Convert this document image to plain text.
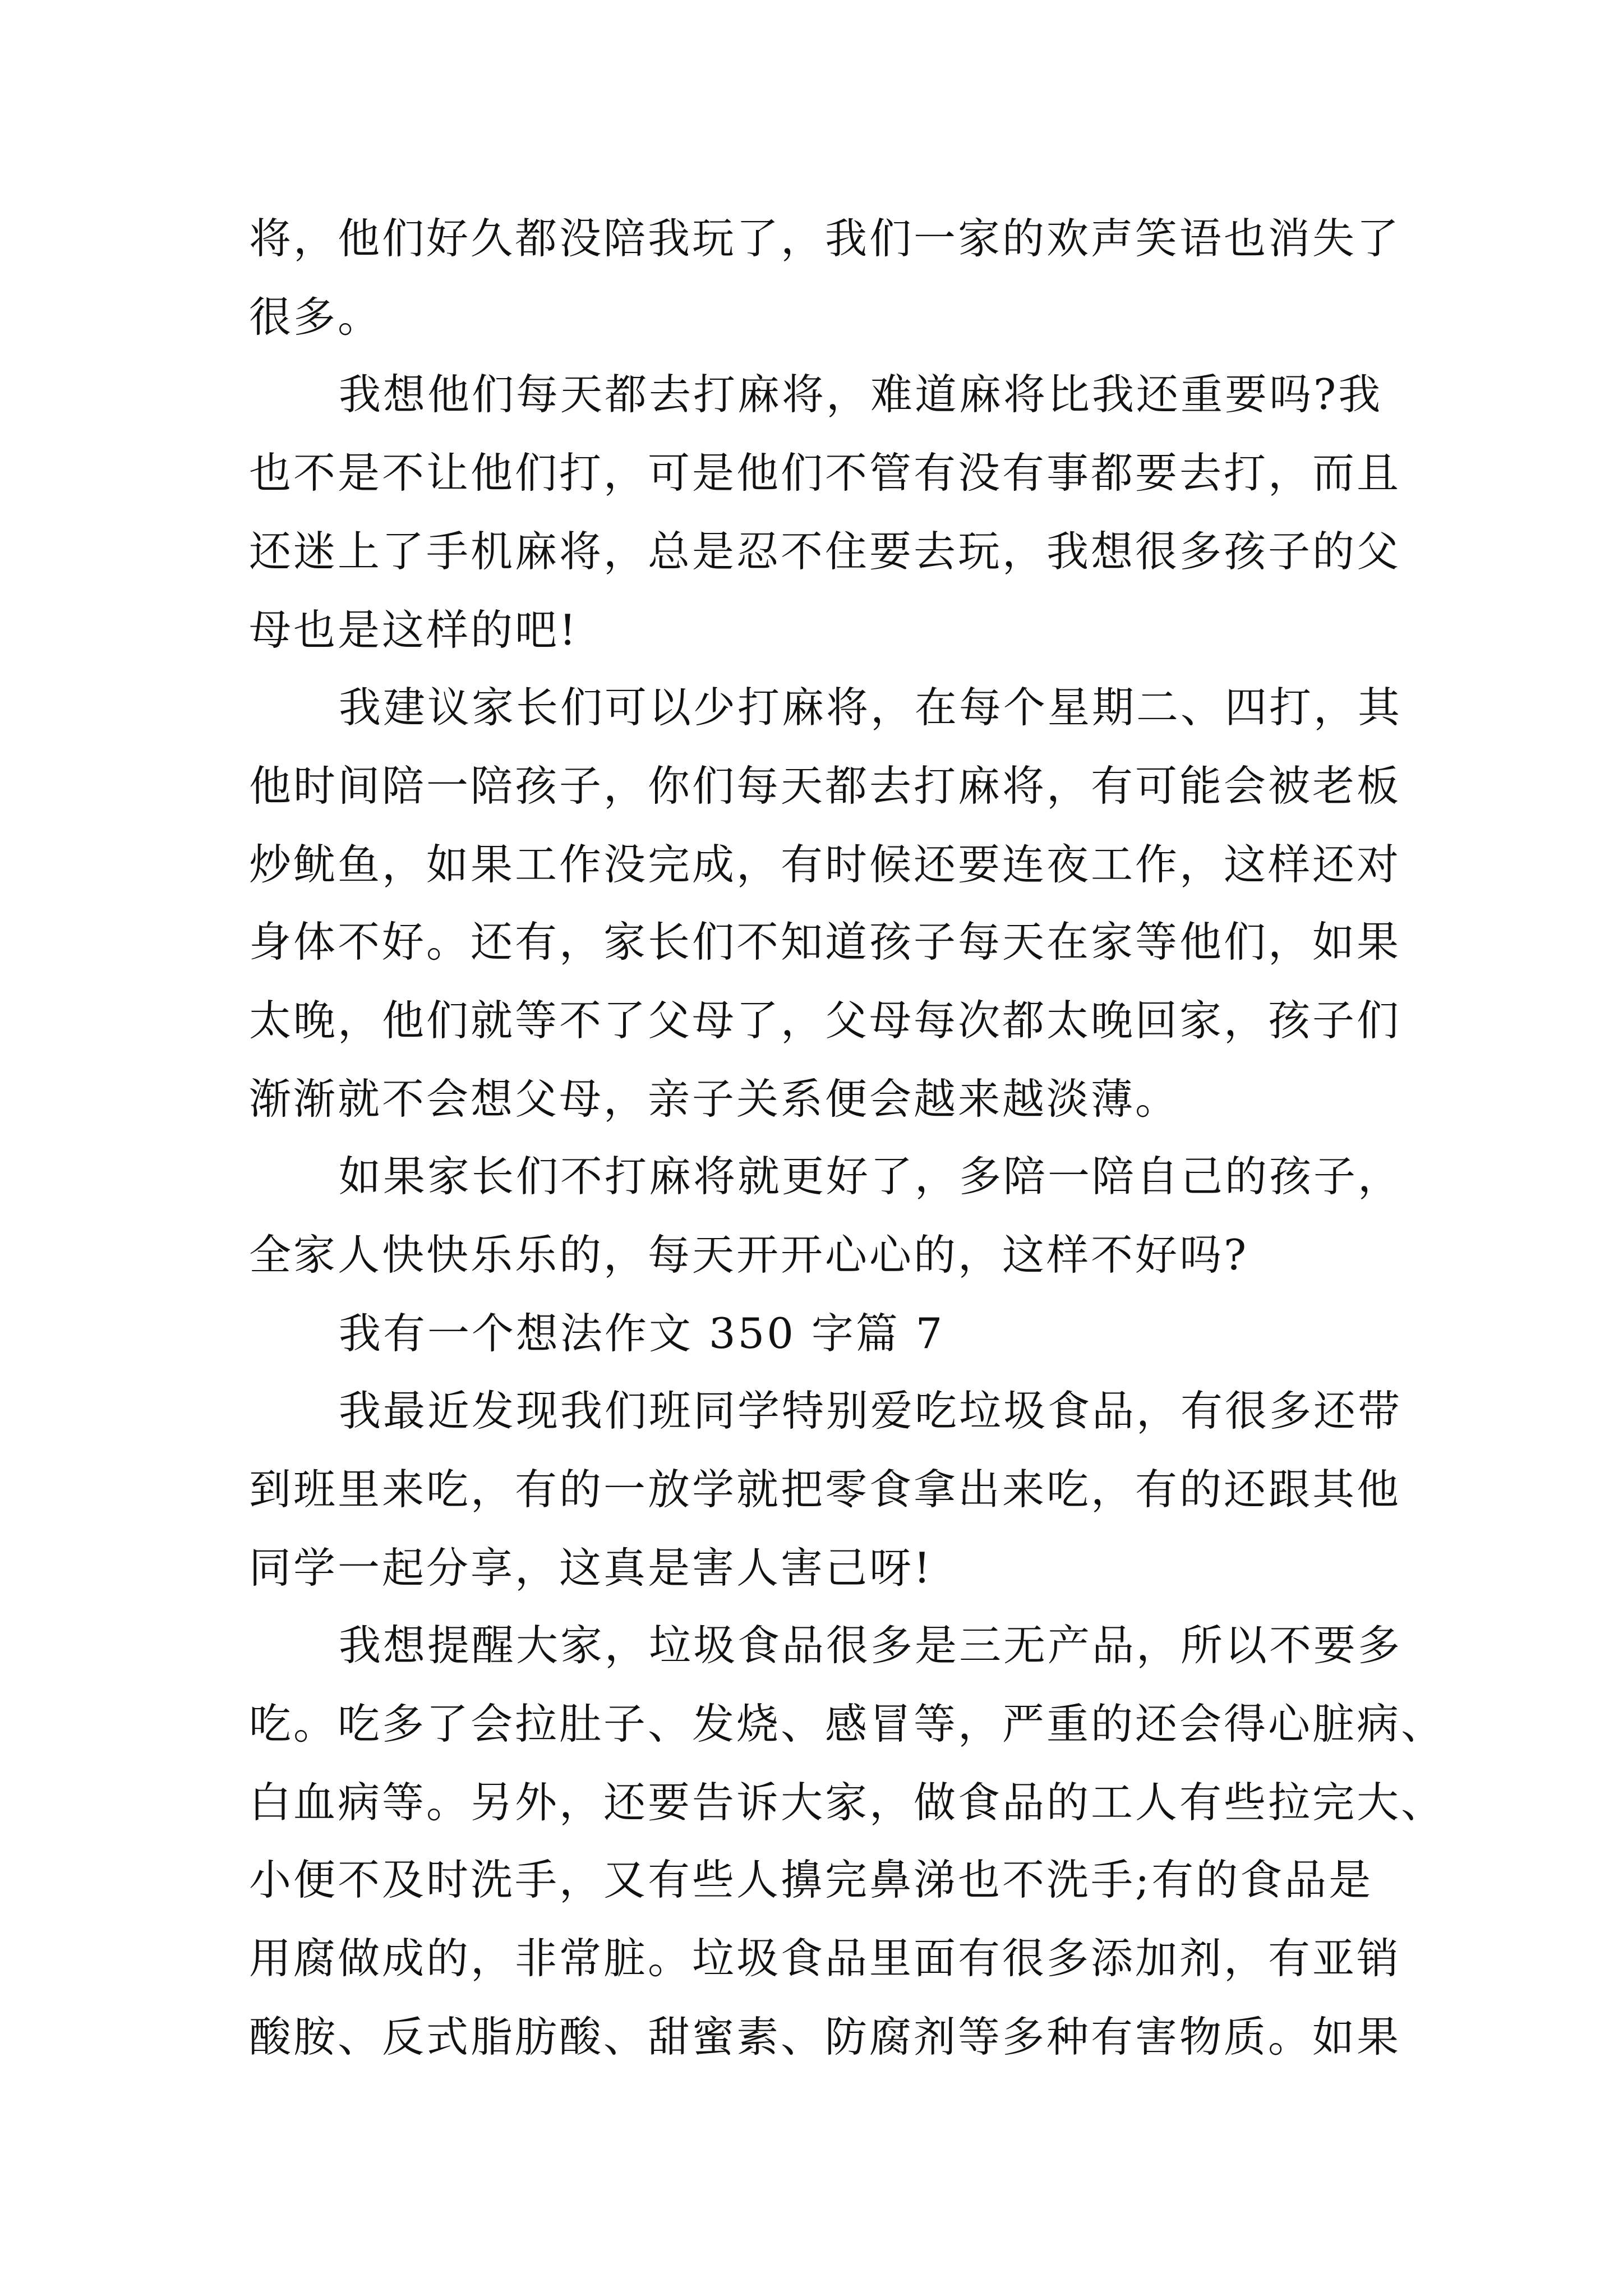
将，他们好久都没陪我玩了，我们一家的欢声笑语也消失了
很多。
我想他们每天都去打麻将，难道麻将比我还重要吗?我
也不是不让他们打，可是他们不管有没有事都要去打，而且
还迷上了手机麻将，总是忍不住要去玩，我想很多孩子的父
母也是这样的吧!
我建议家长们可以少打麻将，在每个星期二、四打，其
他时间陪一陪孩子，你们每天都去打麻将，有可能会被老板
炒鱿鱼，如果工作没完成，有时候还要连夜工作，这样还对
身体不好。还有，家长们不知道孩子每天在家等他们，如果
太晚，他们就等不了父母了，父母每次都太晚回家，孩子们
渐渐就不会想父母，亲子关系便会越来越淡薄。
如果家长们不打麻将就更好了，多陪一陪自己的孩子，
全家人快快乐乐的，每天开开心心的，这样不好吗?
我有一个想法作文 350 字篇 7
我最近发现我们班同学特别爱吃垃圾食品，有很多还带
到班里来吃，有的一放学就把零食拿出来吃，有的还跟其他
同学一起分享，这真是害人害己呀!
我想提醒大家，垃圾食品很多是三无产品，所以不要多
吃。吃多了会拉肚子、发烧、感冒等，严重的还会得心脏病、
白血病等。另外，还要告诉大家，做食品的工人有些拉完大、
小便不及时洗手，又有些人擤完鼻涕也不洗手;有的食品是
用腐做成的，非常脏。垃圾食品里面有很多添加剂，有亚销
酸胺、反式脂肪酸、甜蜜素、防腐剂等多种有害物质。如果
